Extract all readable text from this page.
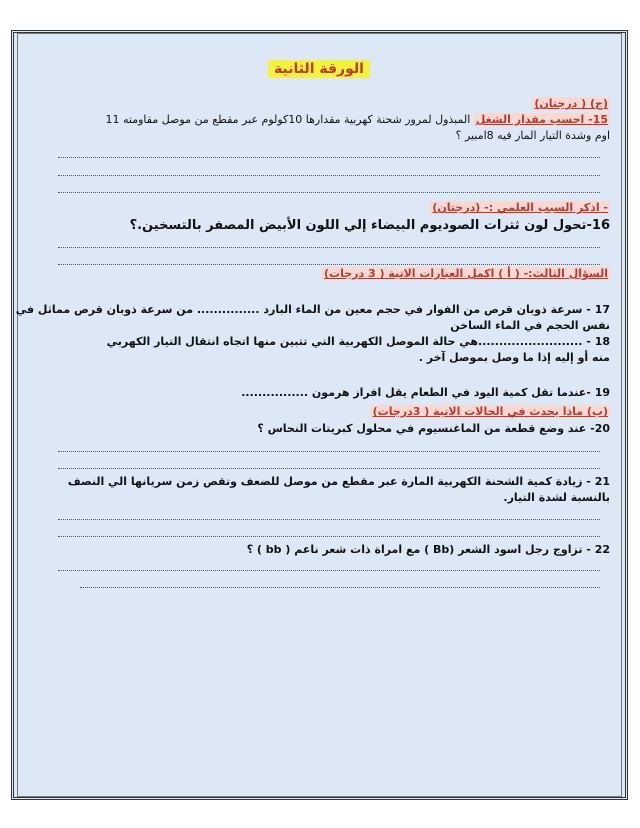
الورقة الثانية
(ج) ( درجتان)
15- احسب مقدار الشغل المبذول لمرور شحنة كهربية مقدارها 10كولوم عبر مقطع من موصل مقاومته 11
اوم وشدة التيار المار فيه 8امبير ؟
- اذكر السبب العلمي :- (درجتان)
16-تحول لون ثترات الصوديوم البيضاء إلي اللون الأبيض المصفر بالتسخين.؟
السؤال الثالث:- ( أ ) اكمل العبارات الاتية ( 3 درجات)
17 - سرعة ذوبان قرص من الفوار في حجم معين من الماء البارد ............... من سرعة ذوبان قرص مماثل في
نفس الحجم في الماء الساخن
18 - .........................هي حالة الموصل الكهربية التي تتبين منها اتجاه انتقال التيار الكهربي
منه أو إليه إذا ما وصل بموصل آخر .
19 -عندما تقل كمية اليود في الطعام يقل افراز هرمون ................
(ب) ماذا يحدث في الحالات الاتية ( 3درجات)
20- عند وضع قطعة من الماغنسيوم في محلول كبريتات النحاس ؟
21 - زيادة كمية الشحنة الكهربية المارة عبر مقطع من موصل للضعف وتقص زمن سريانها الي النصف
بالنسبة لشدة التيار.
22 - تزاوج رجل اسود الشعر (Bb ) مع امراة ذات شعر ناعم ( bb ) ؟
